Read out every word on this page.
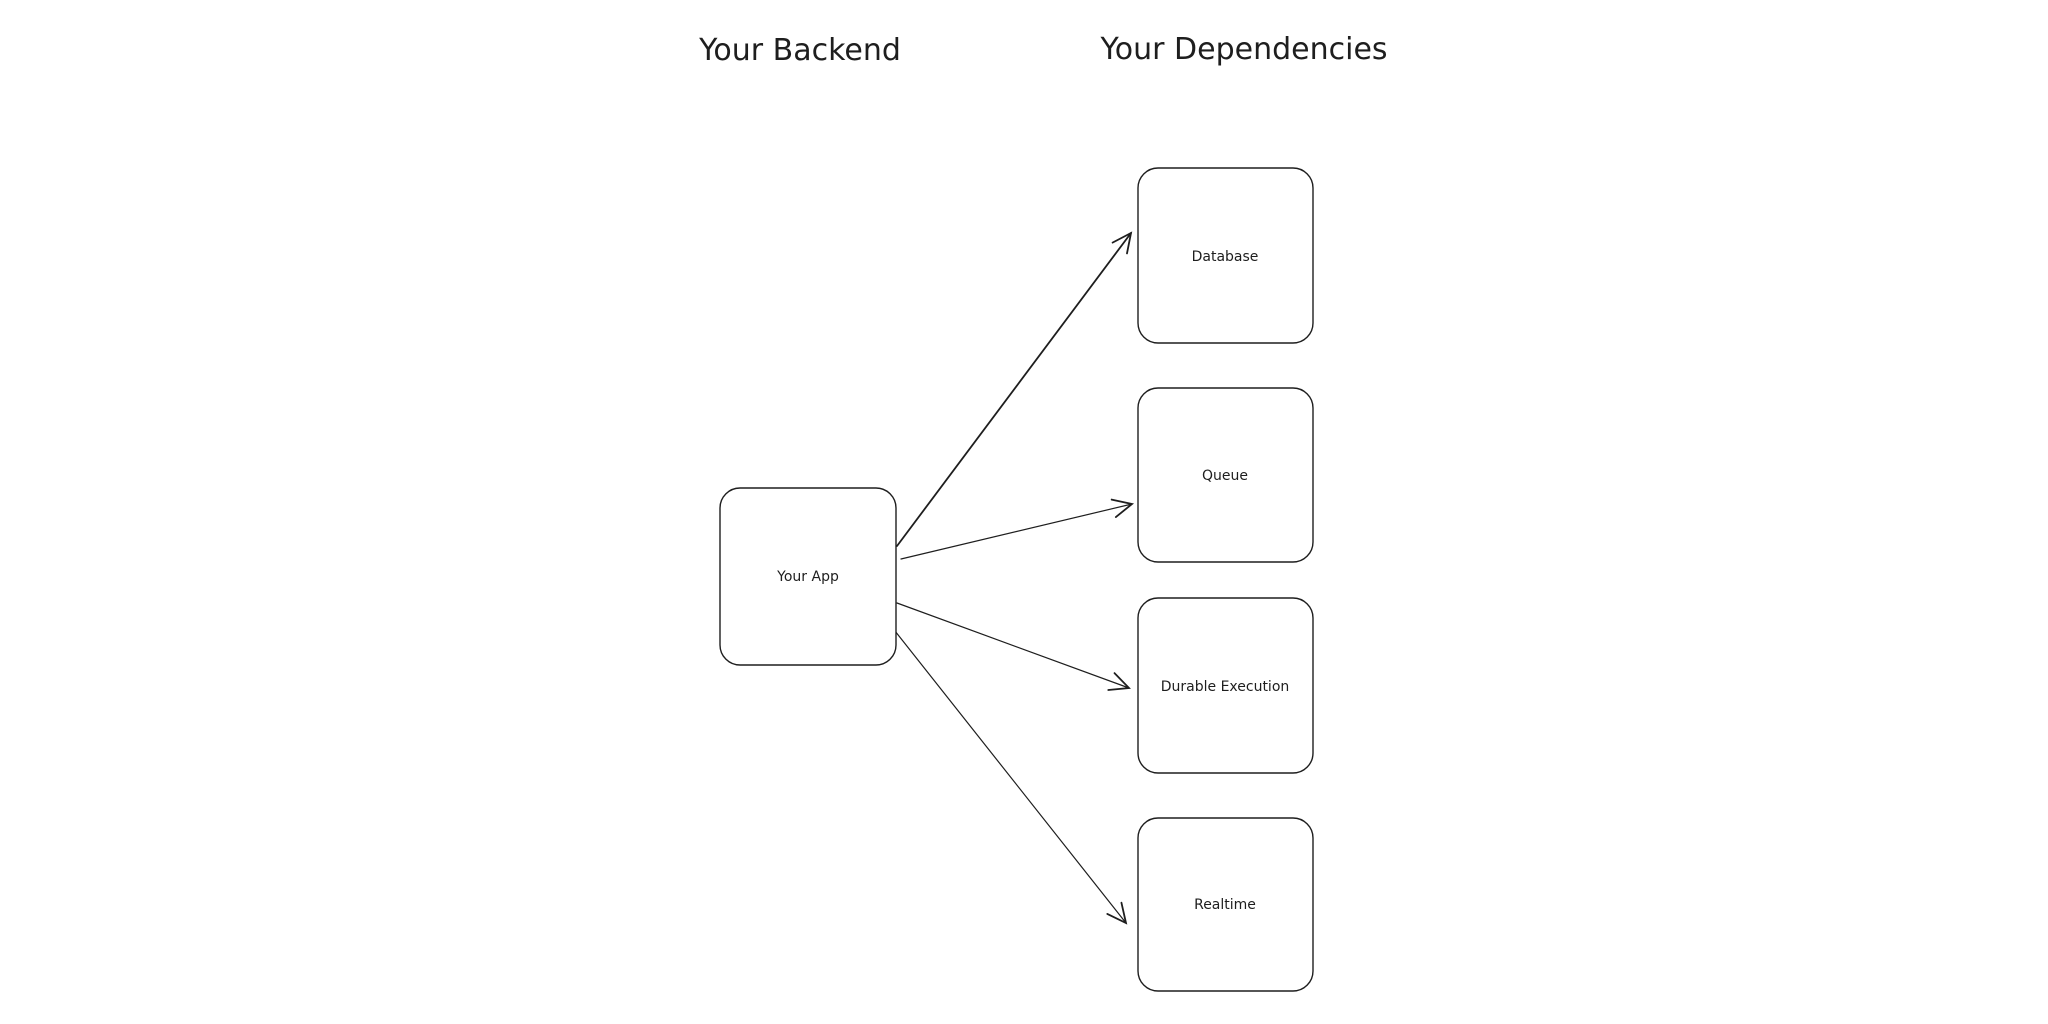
Your Backend	Your Dependencies
Your App
Database
Queue
Durable Execution
Realtime
